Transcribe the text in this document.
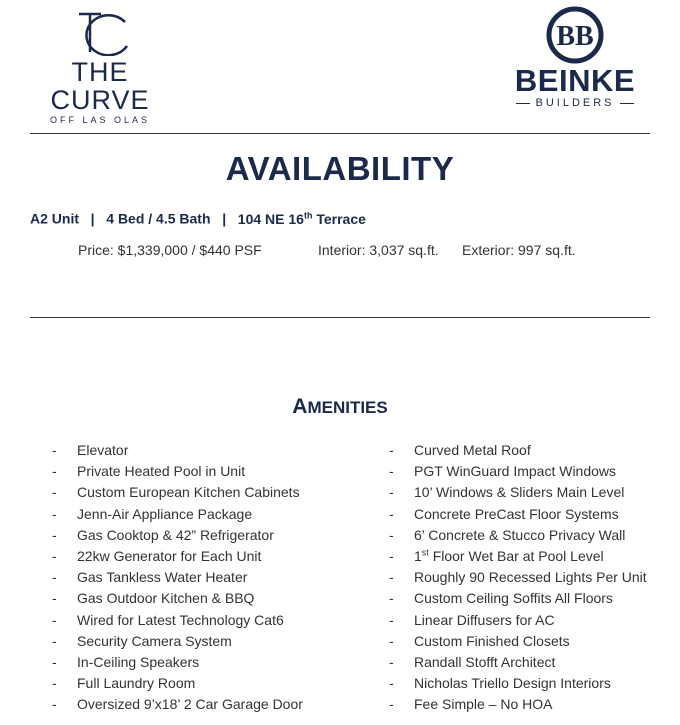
THE CURVE
OFF LAS OLAS
BB
BEINKE
BUILDERS
AVAILABILITY
A2 Unit | 4 Bed / 4.5 Bath | 104 NE 16th Terrace
Price: $1,339,000 / $440 PSF	Interior: 3,037 sq.ft. Exterior: 997 sq.ft.
AMENITIES
- Elevator
- Private Heated Pool in Unit
- Custom European Kitchen Cabinets
- Jenn-Air Appliance Package
- Gas Cooktop & 42” Refrigerator
- 22kw Generator for Each Unit
- Gas Tankless Water Heater
- Gas Outdoor Kitchen & BBQ
- Wired for Latest Technology Cat6
- Security Camera System
- In-Ceiling Speakers
- Full Laundry Room
- Oversized 9’x18’ 2 Car Garage Door
- Curved Metal Roof
- PGT WinGuard Impact Windows
- 10’ Windows & Sliders Main Level
- Concrete PreCast Floor Systems
- 6’ Concrete & Stucco Privacy Wall
- 1st Floor Wet Bar at Pool Level
- Roughly 90 Recessed Lights Per Unit
- Custom Ceiling Soffits All Floors
- Linear Diffusers for AC
- Custom Finished Closets
- Randall Stofft Architect
- Nicholas Triello Design Interiors
- Fee Simple – No HOA
